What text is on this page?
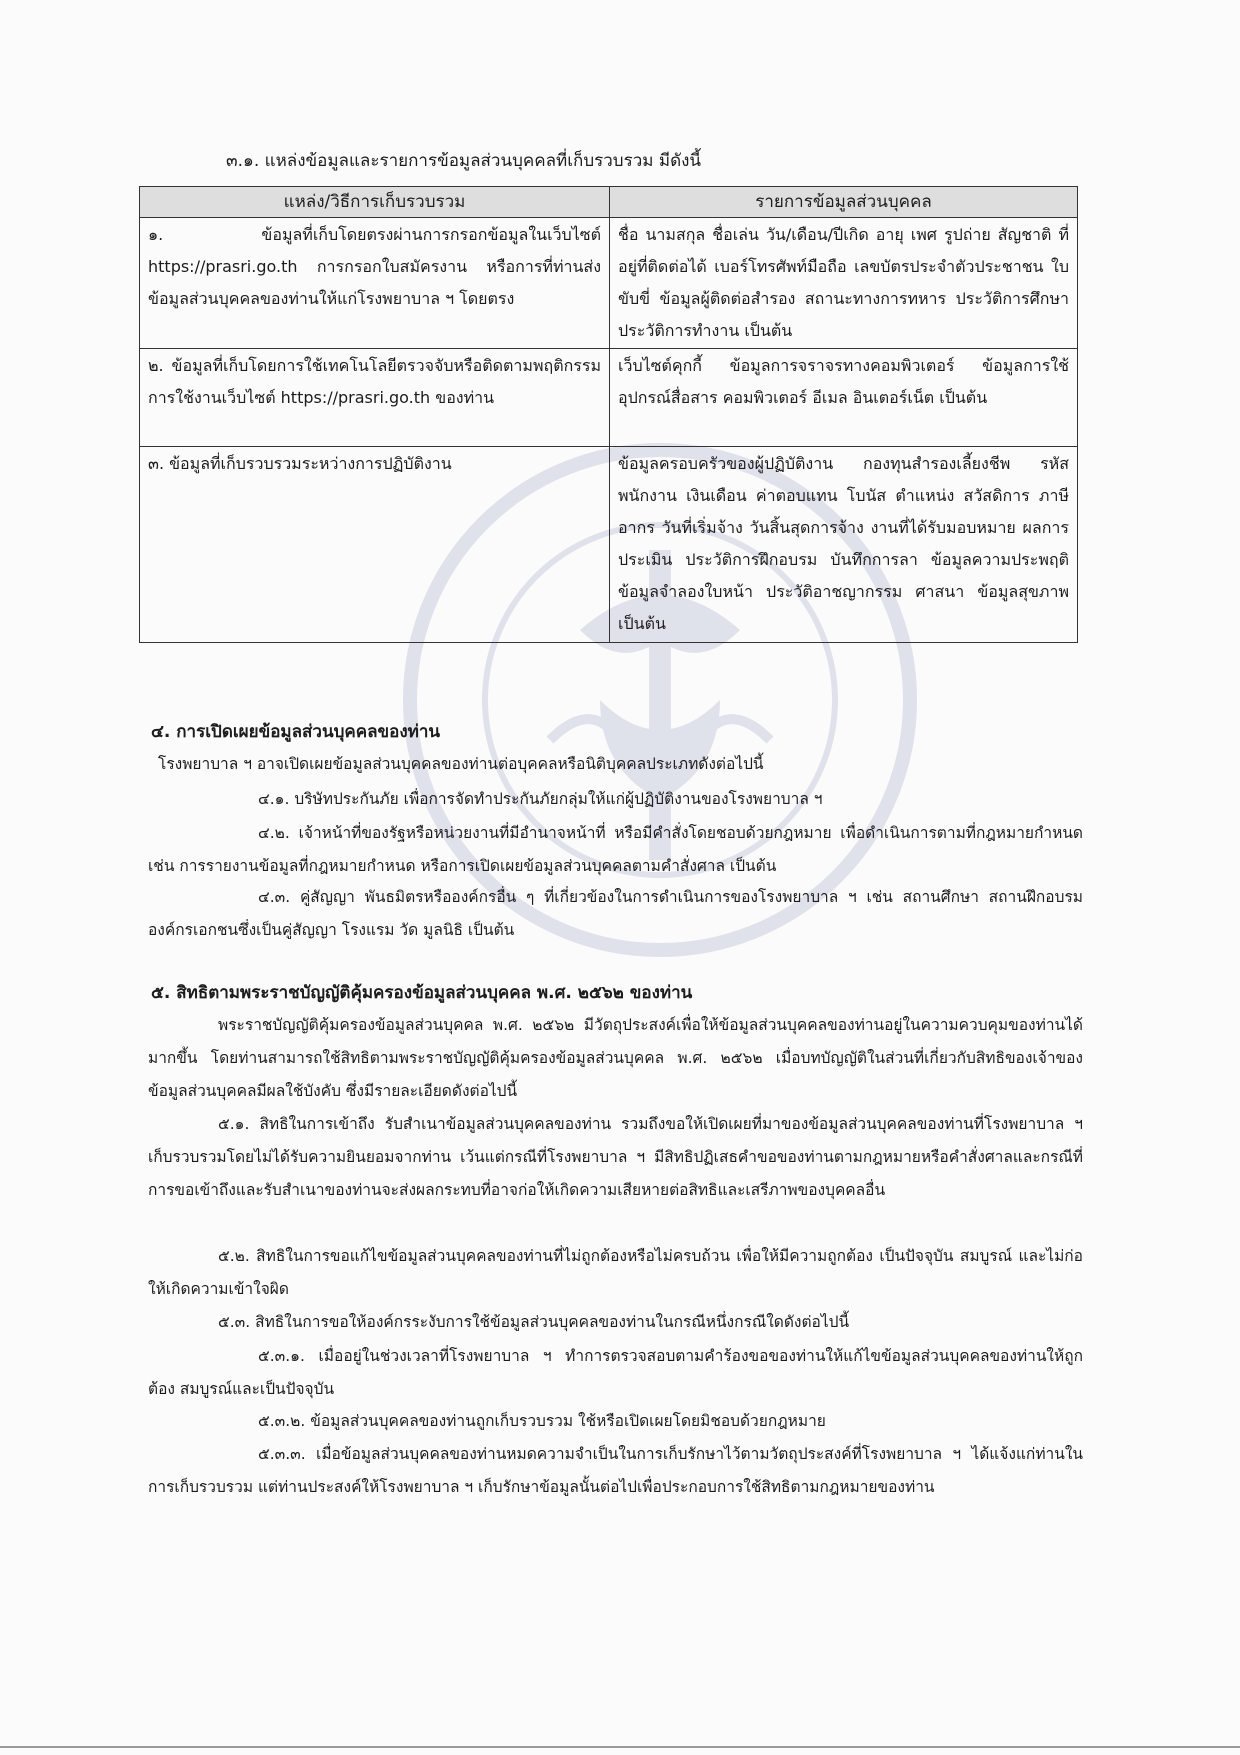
๓.๑. แหล่งข้อมูลและรายการข้อมูลส่วนบุคคลที่เก็บรวบรวม มีดังนี้
แหล่ง/วิธีการเก็บรวบรวม	รายการข้อมูลส่วนบุคคล
๑. ข้อมูลที่เก็บโดยตรงผ่านการกรอกข้อมูลในเว็บไซต์ https://prasri.go.th การกรอกใบสมัครงาน หรือการที่ท่านส่งข้อมูลส่วนบุคคลของท่านให้แก่โรงพยาบาล ฯ โดยตรง	ชื่อ นามสกุล ชื่อเล่น วัน/เดือน/ปีเกิด อายุ เพศ รูปถ่าย สัญชาติ ที่อยู่ที่ติดต่อได้ เบอร์โทรศัพท์มือถือ เลขบัตรประจำตัวประชาชน ใบขับขี่ ข้อมูลผู้ติดต่อสำรอง สถานะทางการทหาร ประวัติการศึกษา ประวัติการทำงาน เป็นต้น
๒. ข้อมูลที่เก็บโดยการใช้เทคโนโลยีตรวจจับหรือติดตามพฤติกรรมการใช้งานเว็บไซต์ https://prasri.go.th ของท่าน	เว็บไซต์คุกกี้ ข้อมูลการจราจรทางคอมพิวเตอร์ ข้อมูลการใช้อุปกรณ์สื่อสาร คอมพิวเตอร์ อีเมล อินเตอร์เน็ต เป็นต้น
๓. ข้อมูลที่เก็บรวบรวมระหว่างการปฏิบัติงาน	ข้อมูลครอบครัวของผู้ปฏิบัติงาน กองทุนสำรองเลี้ยงชีพ รหัสพนักงาน เงินเดือน ค่าตอบแทน โบนัส ตำแหน่ง สวัสดิการ ภาษีอากร วันที่เริ่มจ้าง วันสิ้นสุดการจ้าง งานที่ได้รับมอบหมาย ผลการประเมิน ประวัติการฝึกอบรม บันทึกการลา ข้อมูลความประพฤติ ข้อมูลจำลองใบหน้า ประวัติอาชญากรรม ศาสนา ข้อมูลสุขภาพ เป็นต้น
๔. การเปิดเผยข้อมูลส่วนบุคคลของท่าน
โรงพยาบาล ฯ อาจเปิดเผยข้อมูลส่วนบุคคลของท่านต่อบุคคลหรือนิติบุคคลประเภทดังต่อไปนี้
๔.๑. บริษัทประกันภัย เพื่อการจัดทำประกันภัยกลุ่มให้แก่ผู้ปฏิบัติงานของโรงพยาบาล ฯ
๔.๒. เจ้าหน้าที่ของรัฐหรือหน่วยงานที่มีอำนาจหน้าที่ หรือมีคำสั่งโดยชอบด้วยกฎหมาย เพื่อดำเนินการตามที่กฎหมายกำหนด เช่น การรายงานข้อมูลที่กฎหมายกำหนด หรือการเปิดเผยข้อมูลส่วนบุคคลตามคำสั่งศาล เป็นต้น
๔.๓. คู่สัญญา พันธมิตรหรือองค์กรอื่น ๆ ที่เกี่ยวข้องในการดำเนินการของโรงพยาบาล ฯ เช่น สถานศึกษา สถานฝึกอบรม องค์กรเอกชนซึ่งเป็นคู่สัญญา โรงแรม วัด มูลนิธิ เป็นต้น
๕. สิทธิตามพระราชบัญญัติคุ้มครองข้อมูลส่วนบุคคล พ.ศ. ๒๕๖๒ ของท่าน
พระราชบัญญัติคุ้มครองข้อมูลส่วนบุคคล พ.ศ. ๒๕๖๒ มีวัตถุประสงค์เพื่อให้ข้อมูลส่วนบุคคลของท่านอยู่ในความควบคุมของท่านได้มากขึ้น โดยท่านสามารถใช้สิทธิตามพระราชบัญญัติคุ้มครองข้อมูลส่วนบุคคล พ.ศ. ๒๕๖๒ เมื่อบทบัญญัติในส่วนที่เกี่ยวกับสิทธิของเจ้าของข้อมูลส่วนบุคคลมีผลใช้บังคับ ซึ่งมีรายละเอียดดังต่อไปนี้
๕.๑. สิทธิในการเข้าถึง รับสำเนาข้อมูลส่วนบุคคลของท่าน รวมถึงขอให้เปิดเผยที่มาของข้อมูลส่วนบุคคลของท่านที่โรงพยาบาล ฯ เก็บรวบรวมโดยไม่ได้รับความยินยอมจากท่าน เว้นแต่กรณีที่โรงพยาบาล ฯ มีสิทธิปฏิเสธคำขอของท่านตามกฎหมายหรือคำสั่งศาลและกรณีที่การขอเข้าถึงและรับสำเนาของท่านจะส่งผลกระทบที่อาจก่อให้เกิดความเสียหายต่อสิทธิและเสรีภาพของบุคคลอื่น
๕.๒. สิทธิในการขอแก้ไขข้อมูลส่วนบุคคลของท่านที่ไม่ถูกต้องหรือไม่ครบถ้วน เพื่อให้มีความถูกต้อง เป็นปัจจุบัน สมบูรณ์ และไม่ก่อให้เกิดความเข้าใจผิด
๕.๓. สิทธิในการขอให้องค์กรระงับการใช้ข้อมูลส่วนบุคคลของท่านในกรณีหนึ่งกรณีใดดังต่อไปนี้
๕.๓.๑. เมื่ออยู่ในช่วงเวลาที่โรงพยาบาล ฯ ทำการตรวจสอบตามคำร้องขอของท่านให้แก้ไขข้อมูลส่วนบุคคลของท่านให้ถูกต้อง สมบูรณ์และเป็นปัจจุบัน
๕.๓.๒. ข้อมูลส่วนบุคคลของท่านถูกเก็บรวบรวม ใช้หรือเปิดเผยโดยมิชอบด้วยกฎหมาย
๕.๓.๓. เมื่อข้อมูลส่วนบุคคลของท่านหมดความจำเป็นในการเก็บรักษาไว้ตามวัตถุประสงค์ที่โรงพยาบาล ฯ ได้แจ้งแก่ท่านในการเก็บรวบรวม แต่ท่านประสงค์ให้โรงพยาบาล ฯ เก็บรักษาข้อมูลนั้นต่อไปเพื่อประกอบการใช้สิทธิตามกฎหมายของท่าน
